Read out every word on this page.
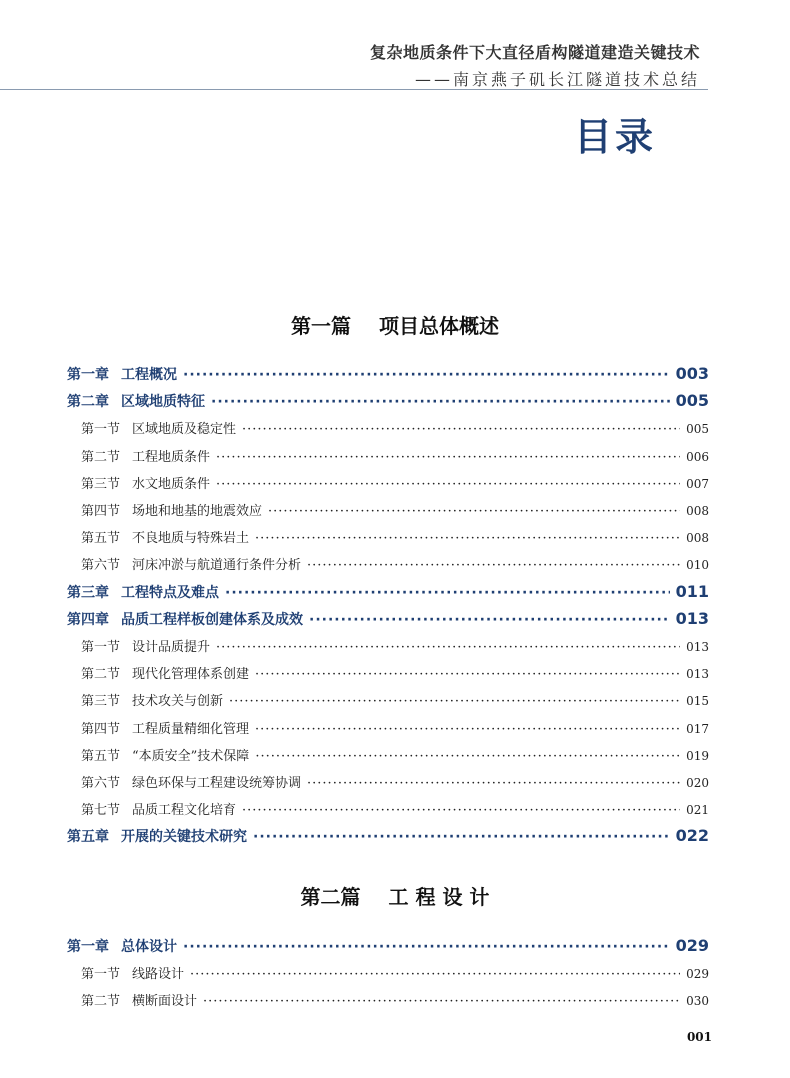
复杂地质条件下大直径盾构隧道建造关键技术
——南京燕子矶长江隧道技术总结
目录
第一篇 项目总体概述
第一章 工程概况 ·····	003
第二章 区域地质特征 ·····	005
第一节 区域地质及稳定性 ·····	005
第二节 工程地质条件 ·····	006
第三节 水文地质条件 ·····	007
第四节 场地和地基的地震效应 ·····	008
第五节 不良地质与特殊岩土 ·····	008
第六节 河床冲淤与航道通行条件分析 ·····	010
第三章 工程特点及难点 ·····	011
第四章 品质工程样板创建体系及成效 ·····	013
第一节 设计品质提升 ·····	013
第二节 现代化管理体系创建 ·····	013
第三节 技术攻关与创新 ·····	015
第四节 工程质量精细化管理 ·····	017
第五节 “本质安全”技术保障 ·····	019
第六节 绿色环保与工程建设统筹协调 ·····	020
第七节 品质工程文化培育 ·····	021
第五章 开展的关键技术研究 ·····	022
第二篇 工 程 设 计
第一章 总体设计 ·····	029
第一节 线路设计 ·····	029
第二节 横断面设计 ·····	030
001
